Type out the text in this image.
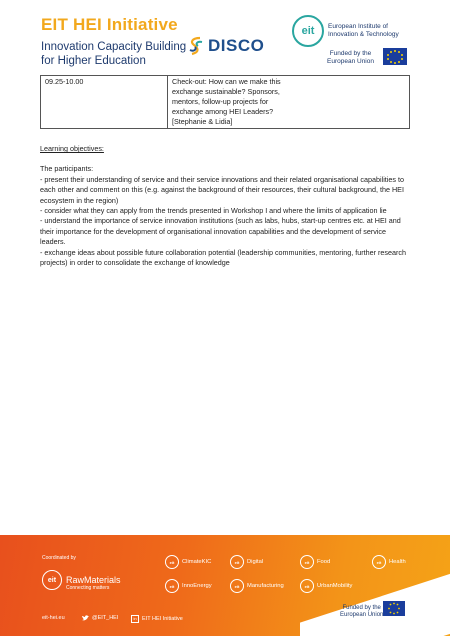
EIT HEI Initiative
Innovation Capacity Building
for Higher Education
DISCO
eit	European Institute of
Innovation & Technology
Funded by the
European Union
09.25-10.00	Check-out: How can we make this
exchange sustainable? Sponsors,
mentors, follow-up projects for
exchange among HEI Leaders?
[Stephanie & Lidia]
Learning objectives:
The participants:

- present their understanding of service and their service innovations and their related organisational capabilities to each other and comment on this (e.g. against the background of their resources, their cultural background, the HEI ecosystem in the region)

- consider what they can apply from the trends presented in Workshop I and where the limits of application lie

- understand the importance of service innovation institutions (such as labs, hubs, start-up centres etc. at HEI and their importance for the development of organisational innovation capabilities and the development of service leaders.

- exchange ideas about possible future collaboration potential (leadership communities, mentoring, further research projects) in order to consolidate the exchange of knowledge

Coordinated by
eit	RawMaterials
Connecting matters
eit	ClimateKIC	eit	Digital	eit	Food	eit	Health
eit	InnoEnergy	eit	Manufacturing	eit	UrbanMobility
eit-hei.eu	@EIT_HEI	in EIT HEI Initiative
Funded by the
European Union
